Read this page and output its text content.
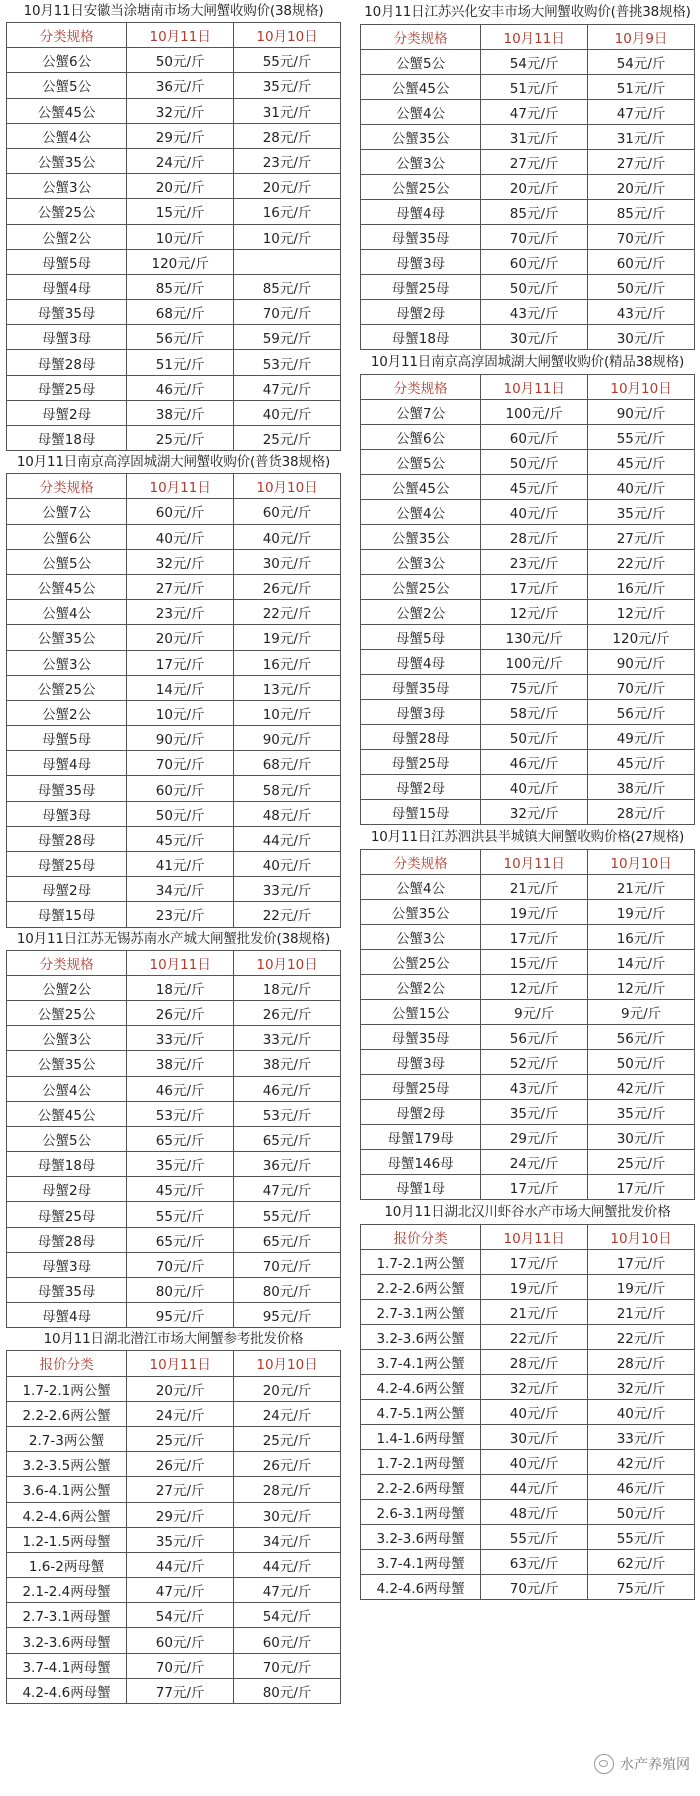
10月11日安徽当涂塘南市场大闸蟹收购价(38规格)
分类规格	10月11日	10月10日
公蟹6公	50元/斤	55元/斤
公蟹5公	36元/斤	35元/斤
公蟹45公	32元/斤	31元/斤
公蟹4公	29元/斤	28元/斤
公蟹35公	24元/斤	23元/斤
公蟹3公	20元/斤	20元/斤
公蟹25公	15元/斤	16元/斤
公蟹2公	10元/斤	10元/斤
母蟹5母	120元/斤	
母蟹4母	85元/斤	85元/斤
母蟹35母	68元/斤	70元/斤
母蟹3母	56元/斤	59元/斤
母蟹28母	51元/斤	53元/斤
母蟹25母	46元/斤	47元/斤
母蟹2母	38元/斤	40元/斤
母蟹18母	25元/斤	25元/斤
10月11日南京高淳固城湖大闸蟹收购价(普货38规格)
分类规格	10月11日	10月10日
公蟹7公	60元/斤	60元/斤
公蟹6公	40元/斤	40元/斤
公蟹5公	32元/斤	30元/斤
公蟹45公	27元/斤	26元/斤
公蟹4公	23元/斤	22元/斤
公蟹35公	20元/斤	19元/斤
公蟹3公	17元/斤	16元/斤
公蟹25公	14元/斤	13元/斤
公蟹2公	10元/斤	10元/斤
母蟹5母	90元/斤	90元/斤
母蟹4母	70元/斤	68元/斤
母蟹35母	60元/斤	58元/斤
母蟹3母	50元/斤	48元/斤
母蟹28母	45元/斤	44元/斤
母蟹25母	41元/斤	40元/斤
母蟹2母	34元/斤	33元/斤
母蟹15母	23元/斤	22元/斤
10月11日江苏无锡苏南水产城大闸蟹批发价(38规格)
分类规格	10月11日	10月10日
公蟹2公	18元/斤	18元/斤
公蟹25公	26元/斤	26元/斤
公蟹3公	33元/斤	33元/斤
公蟹35公	38元/斤	38元/斤
公蟹4公	46元/斤	46元/斤
公蟹45公	53元/斤	53元/斤
公蟹5公	65元/斤	65元/斤
母蟹18母	35元/斤	36元/斤
母蟹2母	45元/斤	47元/斤
母蟹25母	55元/斤	55元/斤
母蟹28母	65元/斤	65元/斤
母蟹3母	70元/斤	70元/斤
母蟹35母	80元/斤	80元/斤
母蟹4母	95元/斤	95元/斤
10月11日湖北潜江市场大闸蟹参考批发价格
报价分类	10月11日	10月10日
1.7-2.1两公蟹	20元/斤	20元/斤
2.2-2.6两公蟹	24元/斤	24元/斤
2.7-3两公蟹	25元/斤	25元/斤
3.2-3.5两公蟹	26元/斤	26元/斤
3.6-4.1两公蟹	27元/斤	28元/斤
4.2-4.6两公蟹	29元/斤	30元/斤
1.2-1.5两母蟹	35元/斤	34元/斤
1.6-2两母蟹	44元/斤	44元/斤
2.1-2.4两母蟹	47元/斤	47元/斤
2.7-3.1两母蟹	54元/斤	54元/斤
3.2-3.6两母蟹	60元/斤	60元/斤
3.7-4.1两母蟹	70元/斤	70元/斤
4.2-4.6两母蟹	77元/斤	80元/斤
10月11日江苏兴化安丰市场大闸蟹收购价(普挑38规格)
分类规格	10月11日	10月9日
公蟹5公	54元/斤	54元/斤
公蟹45公	51元/斤	51元/斤
公蟹4公	47元/斤	47元/斤
公蟹35公	31元/斤	31元/斤
公蟹3公	27元/斤	27元/斤
公蟹25公	20元/斤	20元/斤
母蟹4母	85元/斤	85元/斤
母蟹35母	70元/斤	70元/斤
母蟹3母	60元/斤	60元/斤
母蟹25母	50元/斤	50元/斤
母蟹2母	43元/斤	43元/斤
母蟹18母	30元/斤	30元/斤
10月11日南京高淳固城湖大闸蟹收购价(精品38规格)
分类规格	10月11日	10月10日
公蟹7公	100元/斤	90元/斤
公蟹6公	60元/斤	55元/斤
公蟹5公	50元/斤	45元/斤
公蟹45公	45元/斤	40元/斤
公蟹4公	40元/斤	35元/斤
公蟹35公	28元/斤	27元/斤
公蟹3公	23元/斤	22元/斤
公蟹25公	17元/斤	16元/斤
公蟹2公	12元/斤	12元/斤
母蟹5母	130元/斤	120元/斤
母蟹4母	100元/斤	90元/斤
母蟹35母	75元/斤	70元/斤
母蟹3母	58元/斤	56元/斤
母蟹28母	50元/斤	49元/斤
母蟹25母	46元/斤	45元/斤
母蟹2母	40元/斤	38元/斤
母蟹15母	32元/斤	28元/斤
10月11日江苏泗洪县半城镇大闸蟹收购价格(27规格)
分类规格	10月11日	10月10日
公蟹4公	21元/斤	21元/斤
公蟹35公	19元/斤	19元/斤
公蟹3公	17元/斤	16元/斤
公蟹25公	15元/斤	14元/斤
公蟹2公	12元/斤	12元/斤
公蟹15公	9元/斤	9元/斤
母蟹35母	56元/斤	56元/斤
母蟹3母	52元/斤	50元/斤
母蟹25母	43元/斤	42元/斤
母蟹2母	35元/斤	35元/斤
母蟹179母	29元/斤	30元/斤
母蟹146母	24元/斤	25元/斤
母蟹1母	17元/斤	17元/斤
10月11日湖北汉川虾谷水产市场大闸蟹批发价格
报价分类	10月11日	10月10日
1.7-2.1两公蟹	17元/斤	17元/斤
2.2-2.6两公蟹	19元/斤	19元/斤
2.7-3.1两公蟹	21元/斤	21元/斤
3.2-3.6两公蟹	22元/斤	22元/斤
3.7-4.1两公蟹	28元/斤	28元/斤
4.2-4.6两公蟹	32元/斤	32元/斤
4.7-5.1两公蟹	40元/斤	40元/斤
1.4-1.6两母蟹	30元/斤	33元/斤
1.7-2.1两母蟹	40元/斤	42元/斤
2.2-2.6两母蟹	44元/斤	46元/斤
2.6-3.1两母蟹	48元/斤	50元/斤
3.2-3.6两母蟹	55元/斤	55元/斤
3.7-4.1两母蟹	63元/斤	62元/斤
4.2-4.6两母蟹	70元/斤	75元/斤
水产养殖网
